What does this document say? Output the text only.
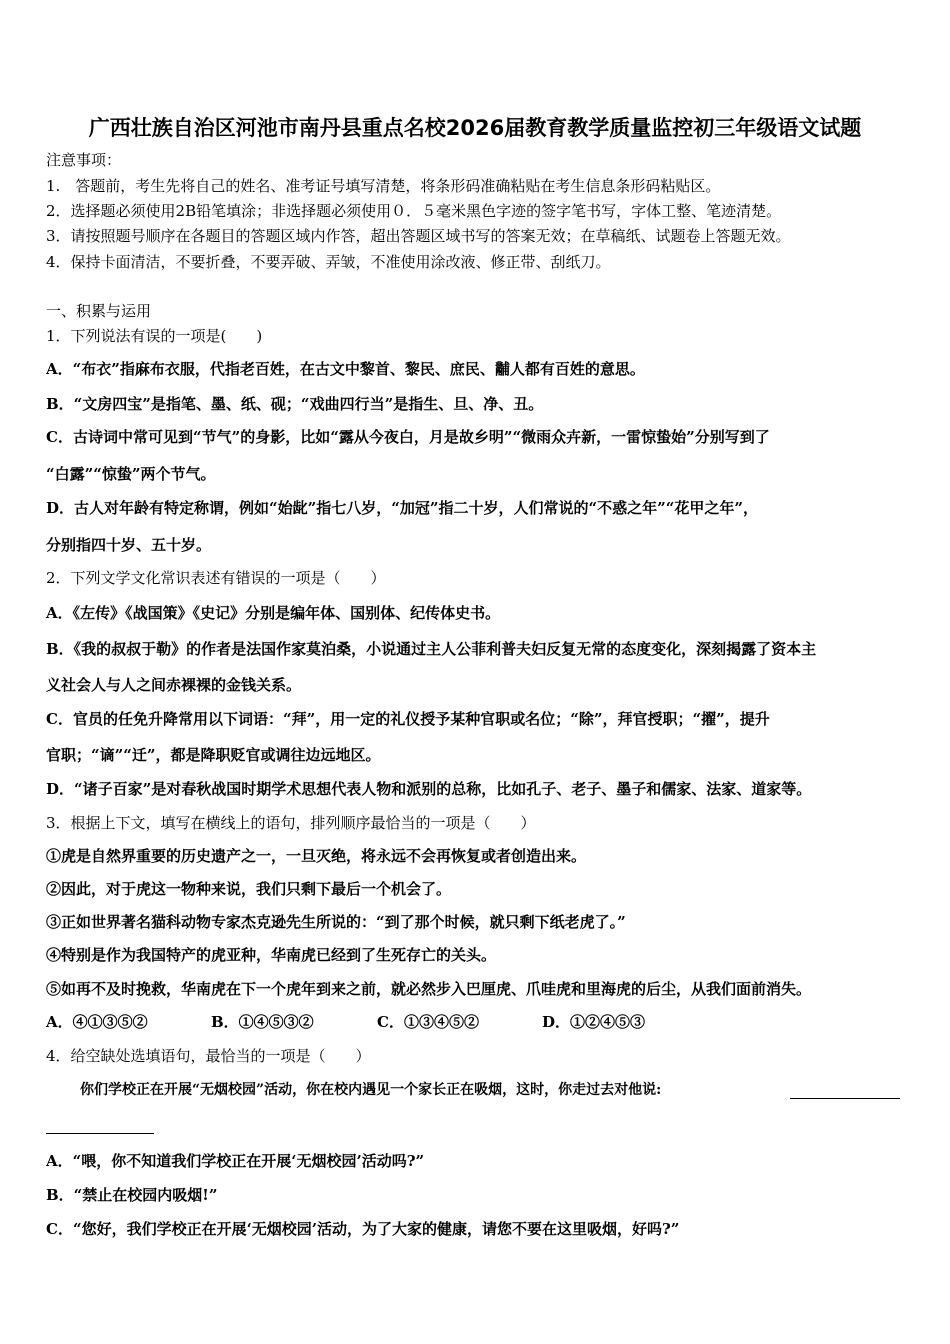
广西壮族自治区河池市南丹县重点名校2026届教育教学质量监控初三年级语文试题
注意事项：
1.　答题前，考生先将自己的姓名、准考证号填写清楚，将条形码准确粘贴在考生信息条形码粘贴区。
2．选择题必须使用2B铅笔填涂；非选择题必须使用０．５毫米黑色字迹的签字笔书写，字体工整、笔迹清楚。
3．请按照题号顺序在各题目的答题区域内作答，超出答题区域书写的答案无效；在草稿纸、试题卷上答题无效。
4．保持卡面清洁，不要折叠，不要弄破、弄皱，不准使用涂改液、修正带、刮纸刀。
一、积累与运用
1．下列说法有误的一项是(　　)
A．“布衣”指麻布衣服，代指老百姓，在古文中黎首、黎民、庶民、黼人都有百姓的意思。
B．“文房四宝”是指笔、墨、纸、砚；“戏曲四行当”是指生、旦、净、丑。
C．古诗词中常可见到“节气”的身影，比如“露从今夜白，月是故乡明”“微雨众卉新，一雷惊蛰始”分别写到了
“白露”“惊蛰”两个节气。
D．古人对年龄有特定称谓，例如“始龀”指七八岁，“加冠”指二十岁，人们常说的“不惑之年”“花甲之年”，
分别指四十岁、五十岁。
2．下列文学文化常识表述有错误的一项是（　　）
A．《左传》《战国策》《史记》分别是编年体、国别体、纪传体史书。
B．《我的叔叔于勒》的作者是法国作家莫泊桑，小说通过主人公菲利普夫妇反复无常的态度变化，深刻揭露了资本主
义社会人与人之间赤裸裸的金钱关系。
C．官员的任免升降常用以下词语：“拜”，用一定的礼仪授予某种官职或名位；“除”，拜官授职；“擢”，提升
官职；“谪”“迁”，都是降职贬官或调往边远地区。
D．“诸子百家”是对春秋战国时期学术思想代表人物和派别的总称，比如孔子、老子、墨子和儒家、法家、道家等。
3．根据上下文，填写在横线上的语句，排列顺序最恰当的一项是（　　）
①虎是自然界重要的历史遗产之一，一旦灭绝，将永远不会再恢复或者创造出来。
②因此，对于虎这一物种来说，我们只剩下最后一个机会了。
③正如世界著名猫科动物专家杰克逊先生所说的：“到了那个时候，就只剩下纸老虎了。”
④特别是作为我国特产的虎亚种，华南虎已经到了生死存亡的关头。
⑤如再不及时挽救，华南虎在下一个虎年到来之前，就必然步入巴厘虎、爪哇虎和里海虎的后尘，从我们面前消失。
A．④①③⑤②	B．①④⑤③②	C．①③④⑤②	D．①②④⑤③
4．给空缺处选填语句，最恰当的一项是（　　）
你们学校正在开展“无烟校园”活动，你在校内遇见一个家长正在吸烟，这时，你走过去对他说:
A．“喂，你不知道我们学校正在开展‘无烟校园’活动吗?”
B．“禁止在校园内吸烟!”
C．“您好，我们学校正在开展‘无烟校园’活动，为了大家的健康，请您不要在这里吸烟，好吗?”
